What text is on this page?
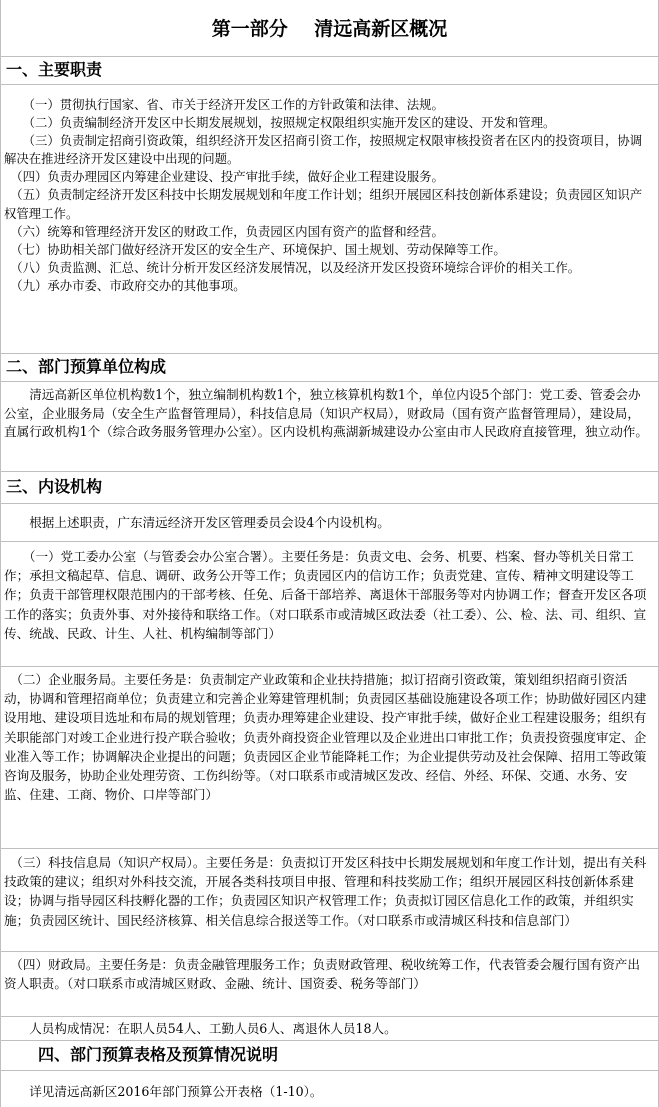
第一部分    清远高新区概况
一、主要职责
　　（一）贯彻执行国家、省、市关于经济开发区工作的方针政策和法律、法规。
　　（二）负责编制经济开发区中长期发展规划，按照规定权限组织实施开发区的建设、开发和管理。
　　（三）负责制定招商引资政策，组织经济开发区招商引资工作，按照规定权限审核投资者在区内的投资项目，协调解决在推进经济开发区建设中出现的问题。
　（四）负责办理园区内筹建企业建设、投产审批手续，做好企业工程建设服务。
　（五）负责制定经济开发区科技中长期发展规划和年度工作计划；组织开展园区科技创新体系建设；负责园区知识产权管理工作。
　（六）统筹和管理经济开发区的财政工作，负责园区内国有资产的监督和经营。
　（七）协助相关部门做好经济开发区的安全生产、环境保护、国土规划、劳动保障等工作。
　（八）负责监测、汇总、统计分析开发区经济发展情况，以及经济开发区投资环境综合评价的相关工作。
　（九）承办市委、市政府交办的其他事项。
二、部门预算单位构成
　　清远高新区单位机构数1个，独立编制机构数1个，独立核算机构数1个，单位内设5个部门：党工委、管委会办公室，企业服务局（安全生产监督管理局），科技信息局（知识产权局），财政局（国有资产监督管理局），建设局，直属行政机构1个（综合政务服务管理办公室）。区内设机构燕湖新城建设办公室由市人民政府直接管理，独立动作。
三、内设机构
　　根据上述职责，广东清远经济开发区管理委员会设4个内设机构。
　　（一）党工委办公室（与管委会办公室合署）。主要任务是：负责文电、会务、机要、档案、督办等机关日常工作；承担文稿起草、信息、调研、政务公开等工作；负责园区内的信访工作；负责党建、宣传、精神文明建设等工作；负责干部管理权限范围内的干部考核、任免、后备干部培养、离退休干部服务等对内协调工作；督查开发区各项工作的落实；负责外事、对外接待和联络工作。（对口联系市或清城区政法委（社工委）、公、检、法、司、组织、宣传、统战、民政、计生、人社、机构编制等部门）
　（二）企业服务局。主要任务是：负责制定产业政策和企业扶持措施；拟订招商引资政策，策划组织招商引资活动，协调和管理招商单位；负责建立和完善企业筹建管理机制；负责园区基础设施建设各项工作；协助做好园区内建设用地、建设项目选址和布局的规划管理；负责办理筹建企业建设、投产审批手续，做好企业工程建设服务；组织有关职能部门对竣工企业进行投产联合验收；负责外商投资企业管理以及企业进出口审批工作；负责投资强度审定、企业准入等工作；协调解决企业提出的问题；负责园区企业节能降耗工作；为企业提供劳动及社会保障、招用工等政策咨询及服务，协助企业处理劳资、工伤纠纷等。（对口联系市或清城区发改、经信、外经、环保、交通、水务、安监、住建、工商、物价、口岸等部门）
　（三）科技信息局（知识产权局）。主要任务是：负责拟订开发区科技中长期发展规划和年度工作计划，提出有关科技政策的建议；组织对外科技交流，开展各类科技项目申报、管理和科技奖励工作；组织开展园区科技创新体系建设；协调与指导园区科技孵化器的工作；负责园区知识产权管理工作；负责拟订园区信息化工作的政策，并组织实施；负责园区统计、国民经济核算、相关信息综合报送等工作。（对口联系市或清城区科技和信息部门）
　（四）财政局。主要任务是：负责金融管理服务工作；负责财政管理、税收统筹工作，代表管委会履行国有资产出资人职责。（对口联系市或清城区财政、金融、统计、国资委、税务等部门）
　　人员构成情况：在职人员54人、工勤人员6人、离退休人员18人。
　　四、部门预算表格及预算情况说明
　　详见清远高新区2016年部门预算公开表格（1-10）。
